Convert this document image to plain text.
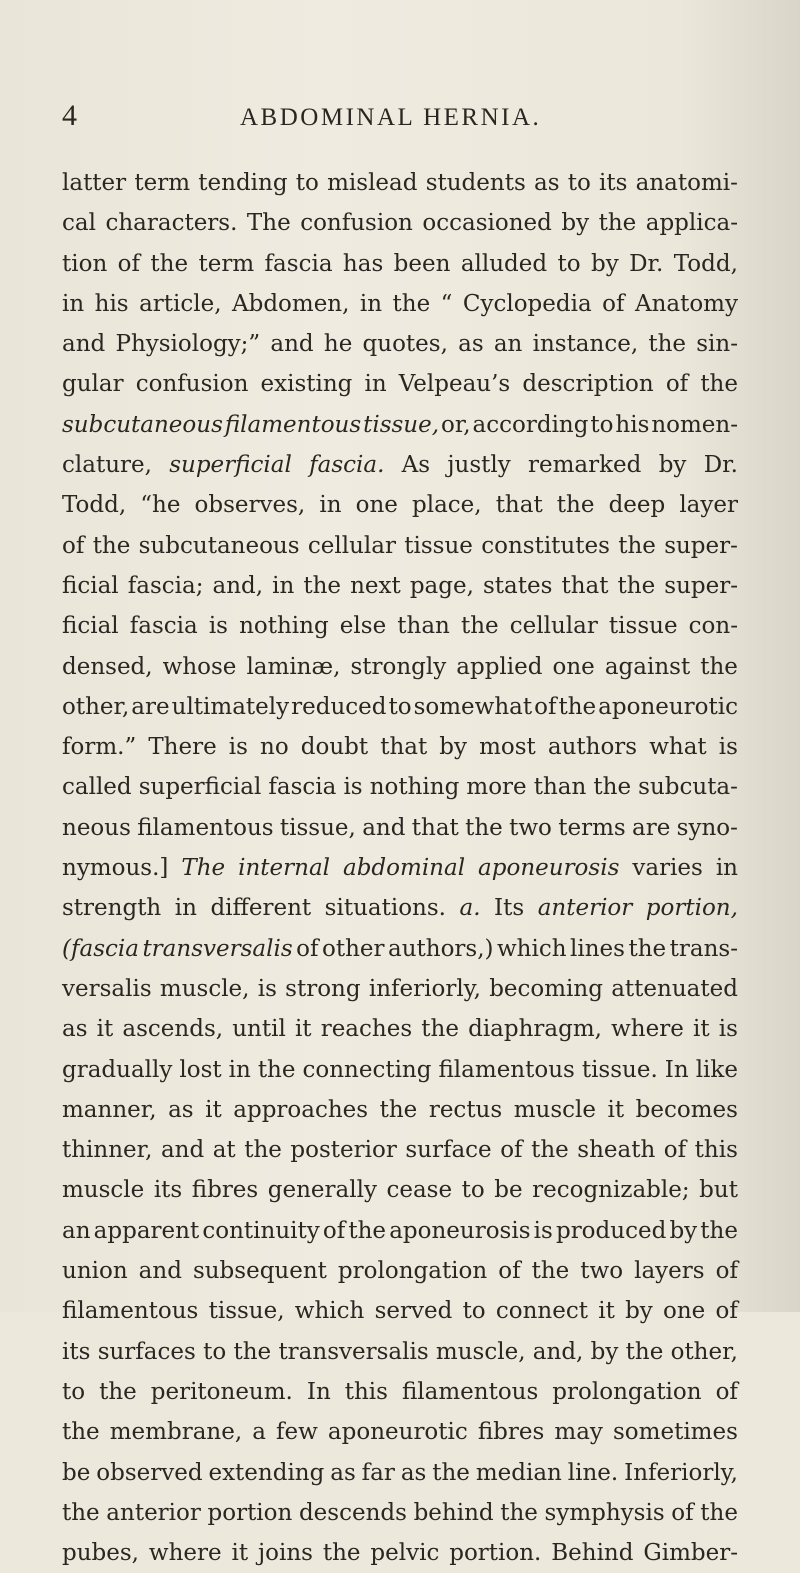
4	ABDOMINAL HERNIA.
latter term tending to mislead students as to its anatomi-
cal characters. The confusion occasioned by the applica-
tion of the term fascia has been alluded to by Dr. Todd,
in his article, Abdomen, in the “ Cyclopedia of Anatomy
and Physiology;” and he quotes, as an instance, the sin-
gular confusion existing in Velpeau’s description of the
subcutaneous filamentous tissue, or, according to his nomen-
clature, superficial fascia. As justly remarked by Dr.
Todd, “he observes, in one place, that the deep layer
of the subcutaneous cellular tissue constitutes the super-
ficial fascia; and, in the next page, states that the super-
ficial fascia is nothing else than the cellular tissue con-
densed, whose laminæ, strongly applied one against the
other, are ultimately reduced to somewhat of the aponeurotic
form.” There is no doubt that by most authors what is
called superficial fascia is nothing more than the subcuta-
neous filamentous tissue, and that the two terms are syno-
nymous.] The internal abdominal aponeurosis varies in
strength in different situations. a. Its anterior portion,
(fascia transversalis of other authors,) which lines the trans-
versalis muscle, is strong inferiorly, becoming attenuated
as it ascends, until it reaches the diaphragm, where it is
gradually lost in the connecting filamentous tissue. In like
manner, as it approaches the rectus muscle it becomes
thinner, and at the posterior surface of the sheath of this
muscle its fibres generally cease to be recognizable; but
an apparent continuity of the aponeurosis is produced by the
union and subsequent prolongation of the two layers of
filamentous tissue, which served to connect it by one of
its surfaces to the transversalis muscle, and, by the other,
to the peritoneum. In this filamentous prolongation of
the membrane, a few aponeurotic fibres may sometimes
be observed extending as far as the median line. Inferiorly,
the anterior portion descends behind the symphysis of the
pubes, where it joins the pelvic portion. Behind Gimber-
